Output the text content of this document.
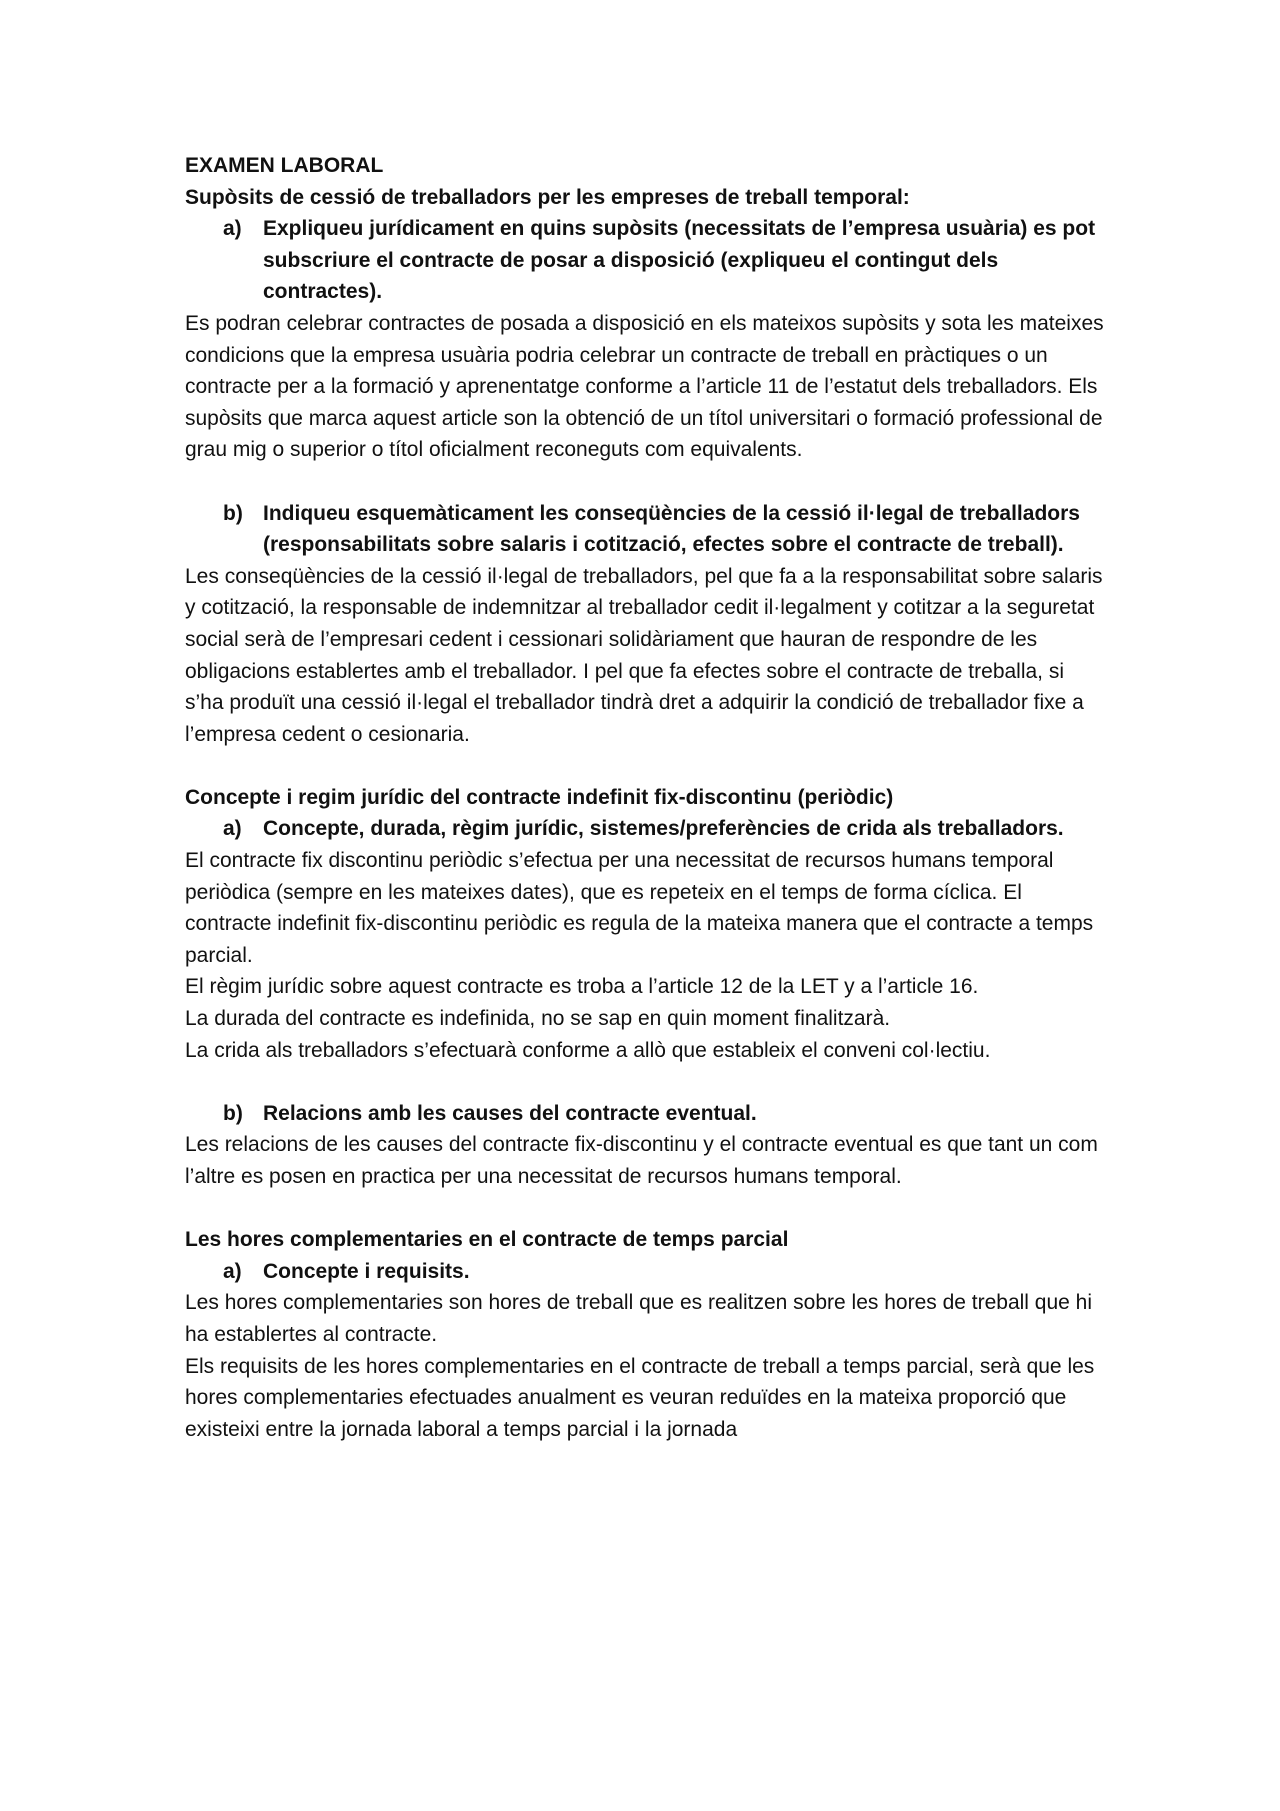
EXAMEN LABORAL

Supòsits de cessió de treballadors per les empreses de treball temporal:

a)	Expliqueu jurídicament en quins supòsits (necessitats de l’empresa usuària) es pot subscriure el contracte de posar a disposició (expliqueu el contingut dels contractes).

Es podran celebrar contractes de posada a disposició en els mateixos supòsits y sota les mateixes condicions que la empresa usuària podria celebrar un contracte de treball en pràctiques o un contracte per a la formació y aprenentatge conforme a l’article 11 de l’estatut dels treballadors. Els supòsits que marca aquest article son la obtenció de un títol universitari o formació professional de grau mig o superior o títol oficialment reconeguts com equivalents.

b) Indiqueu esquemàticament les conseqüències de la cessió il·legal de treballadors (responsabilitats sobre salaris i cotització, efectes sobre el contracte de treball).

Les conseqüències de la cessió il·legal de treballadors, pel que fa a la responsabilitat sobre salaris y cotització, la responsable de indemnitzar al treballador cedit il·legalment y cotitzar a la seguretat social serà de l’empresari cedent i cessionari solidàriament que hauran de respondre de les obligacions establertes amb el treballador. I pel que fa efectes sobre el contracte de treballa, si s’ha produït una cessió il·legal el treballador tindrà dret a adquirir la condició de treballador fixe a l’empresa cedent o cesionaria.

Concepte i regim jurídic del contracte indefinit fix-discontinu (periòdic)

a)	Concepte, durada, règim jurídic, sistemes/preferències de crida als treballadors.

El contracte fix discontinu periòdic s’efectua per una necessitat de recursos humans temporal periòdica (sempre en les mateixes dates), que es repeteix en el temps de forma cíclica. El contracte indefinit fix-discontinu periòdic es regula de la mateixa manera que el contracte a temps parcial.

El règim jurídic sobre aquest contracte es troba a l’article 12 de la LET y a l’article 16.

La durada del contracte es indefinida, no se sap en quin moment finalitzarà.

La crida als treballadors s’efectuarà conforme a allò que estableix el conveni col·lectiu.

b) Relacions amb les causes del contracte eventual.

Les relacions de les causes del contracte fix-discontinu y el contracte eventual es que tant un com l’altre es posen en practica per una necessitat de recursos humans temporal.

Les hores complementaries en el contracte de temps parcial

a)	Concepte i requisits.

Les hores complementaries son hores de treball que es realitzen sobre les hores de treball que hi ha establertes al contracte.

Els requisits de les hores complementaries en el contracte de treball a temps parcial, serà que les hores complementaries efectuades anualment es veuran reduïdes en la mateixa proporció que existeixi entre la jornada laboral a temps parcial i la jornada
